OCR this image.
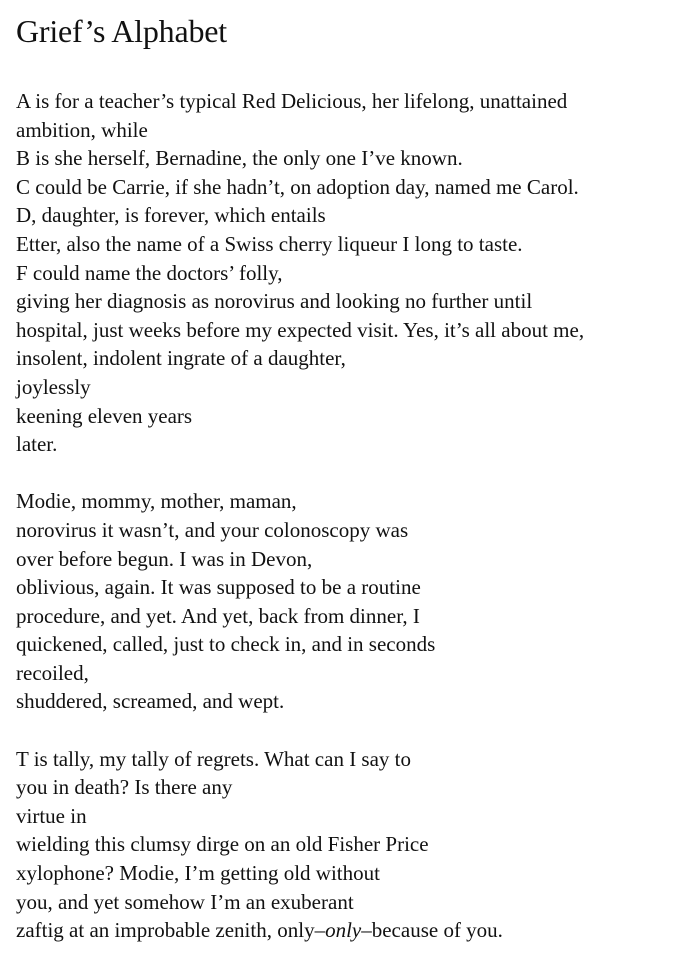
Grief’s Alphabet
A is for a teacher’s typical Red Delicious, her lifelong, unattained
ambition, while
B is she herself, Bernadine, the only one I’ve known.
C could be Carrie, if she hadn’t, on adoption day, named me Carol.
D, daughter, is forever, which entails
Etter, also the name of a Swiss cherry liqueur I long to taste.
F could name the doctors’ folly,
giving her diagnosis as norovirus and looking no further until
hospital, just weeks before my expected visit. Yes, it’s all about me,
insolent, indolent ingrate of a daughter,
joylessly
keening eleven years
later.
Modie, mommy, mother, maman,
norovirus it wasn’t, and your colonoscopy was
over before begun. I was in Devon,
oblivious, again. It was supposed to be a routine
procedure, and yet. And yet, back from dinner, I
quickened, called, just to check in, and in seconds
recoiled,
shuddered, screamed, and wept.
T is tally, my tally of regrets. What can I say to
you in death? Is there any
virtue in
wielding this clumsy dirge on an old Fisher Price
xylophone? Modie, I’m getting old without
you, and yet somehow I’m an exuberant
zaftig at an improbable zenith, only–only–because of you.
